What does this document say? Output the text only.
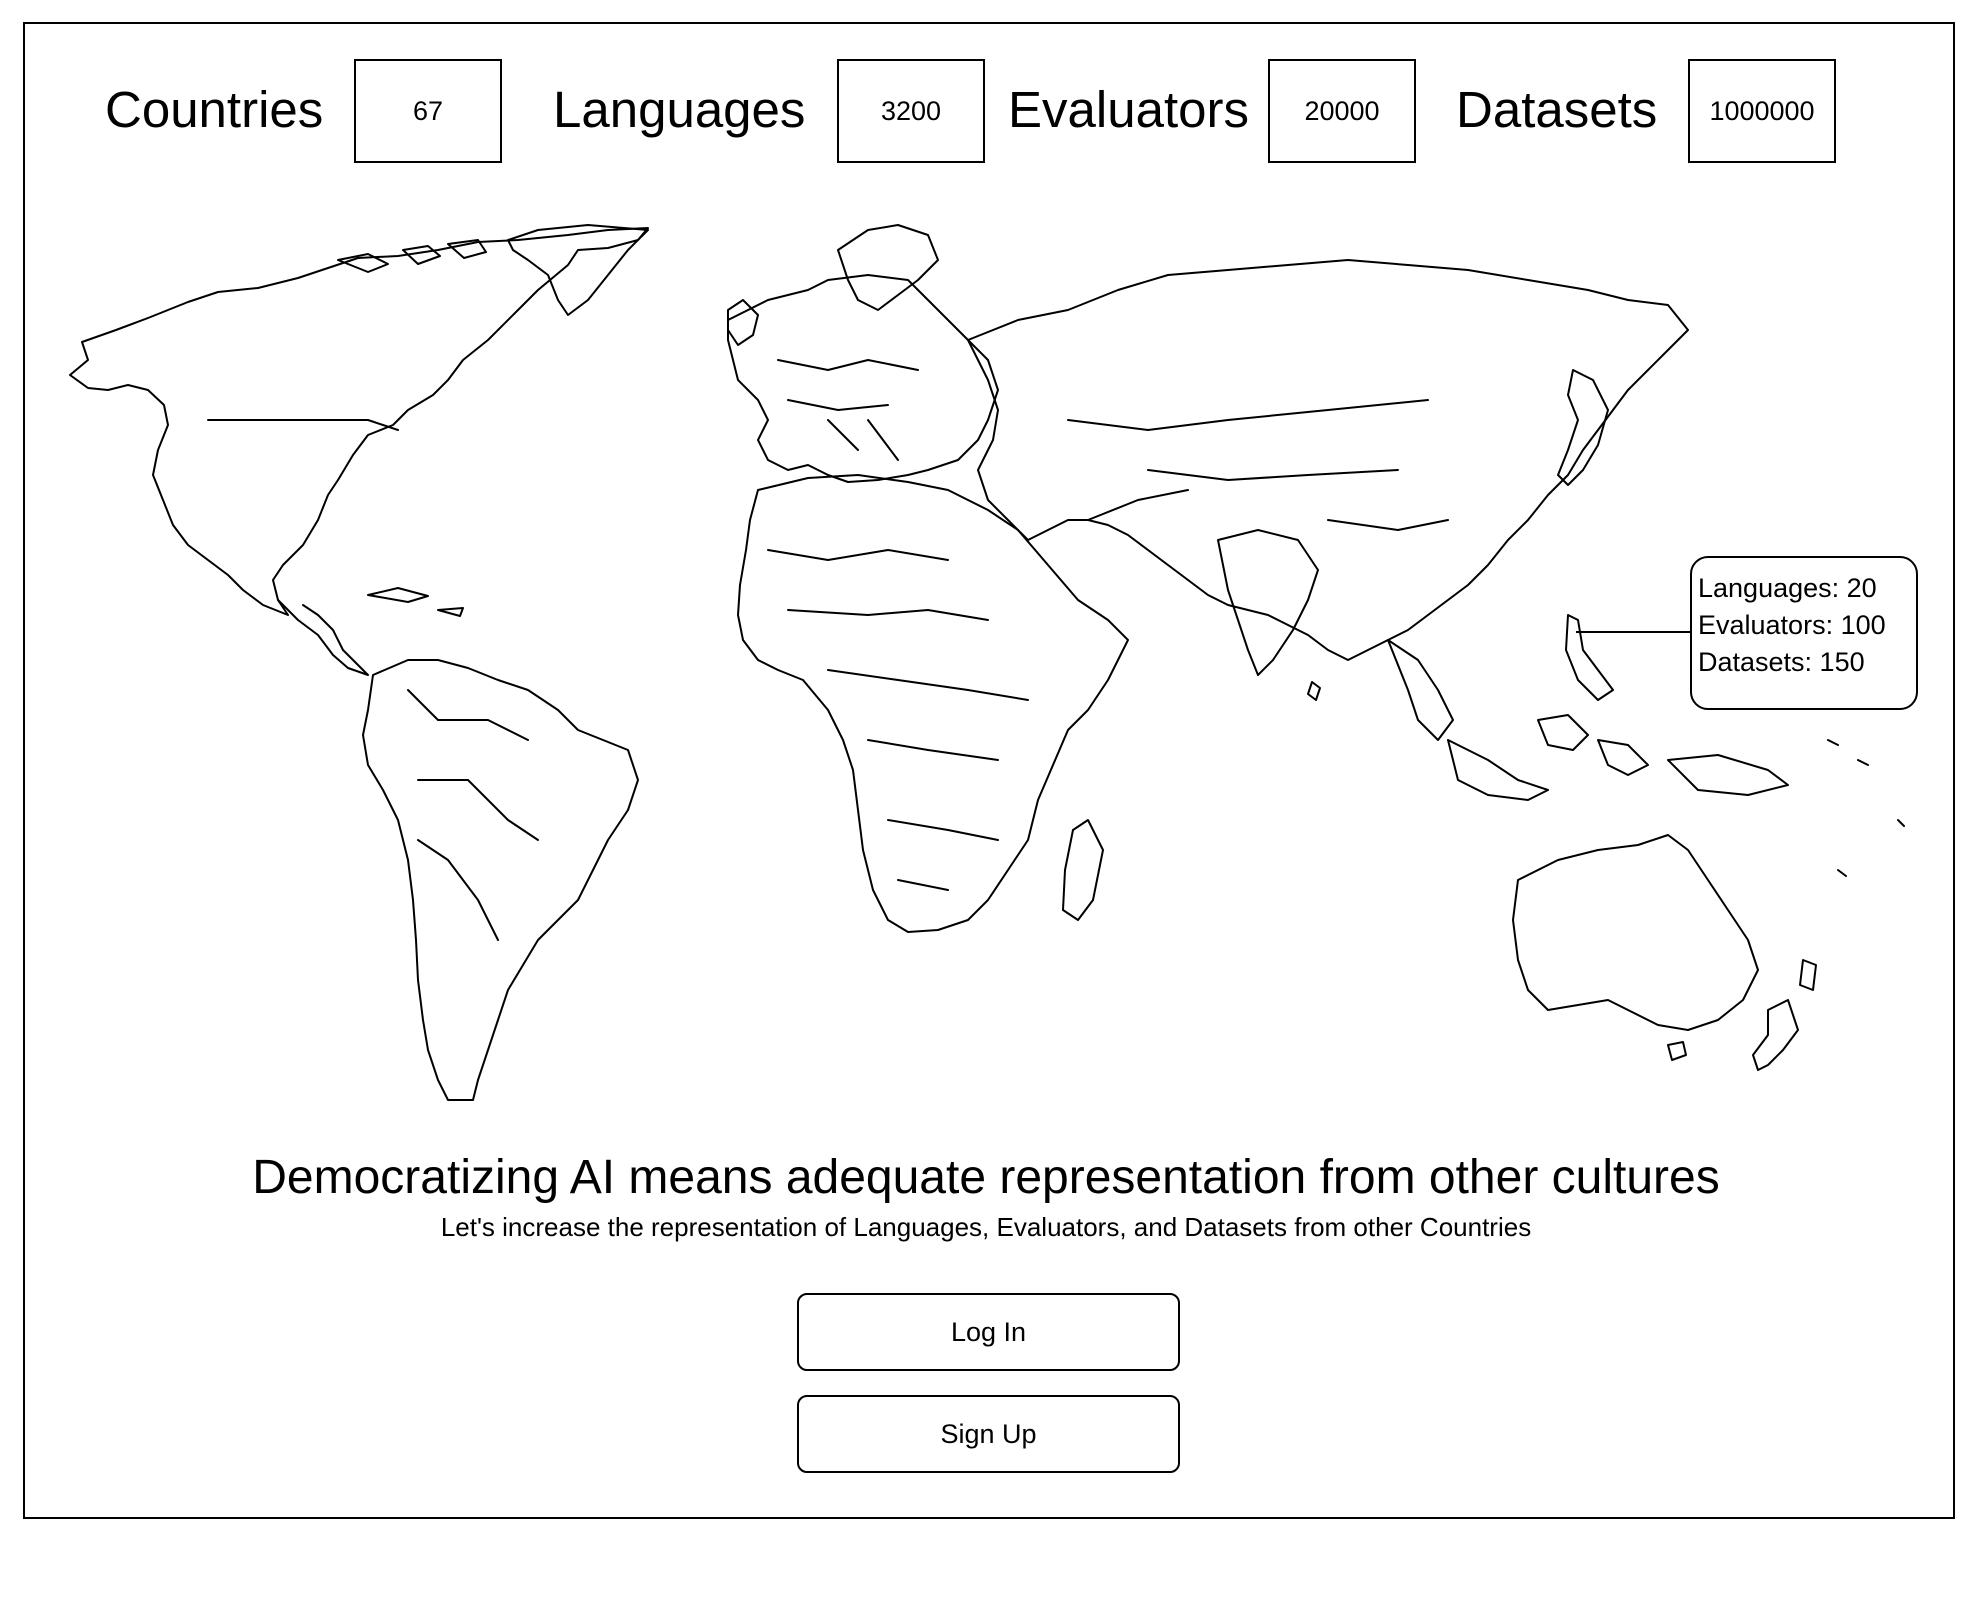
Countries	67	Languages	3200	Evaluators	20000	Datasets	1000000
Languages: 20
Evaluators: 100
Datasets: 150
Democratizing AI means adequate representation from other cultures
Let's increase the representation of Languages, Evaluators, and Datasets from other Countries
Log In
Sign Up
